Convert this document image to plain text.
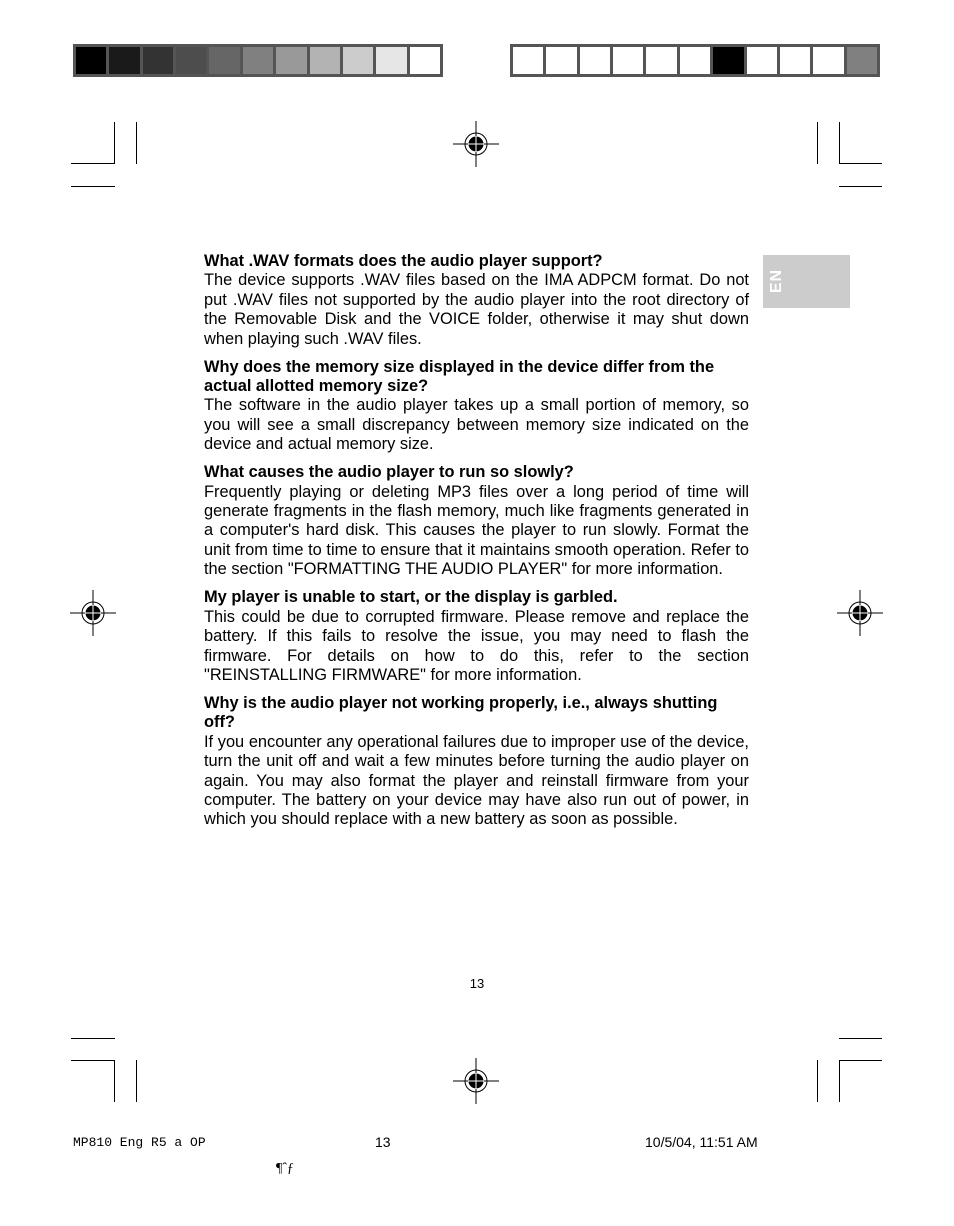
EN
What .WAV formats does the audio player support?

The device supports .WAV files based on the IMA ADPCM format. Do not put .WAV files not supported by the audio player into the root directory of the Removable Disk and the VOICE folder, otherwise it may shut down when playing such .WAV files.

Why does the memory size displayed in the device differ from the actual allotted memory size?

The software in the audio player takes up a small portion of memory, so you will see a small discrepancy between memory size indicated on the device and actual memory size.

What causes the audio player to run so slowly?

Frequently playing or deleting MP3 files over a long period of time will generate fragments in the flash memory, much like fragments generated in a computer's hard disk. This causes the player to run slowly. Format the unit from time to time to ensure that it maintains smooth operation. Refer to the section "FORMATTING THE AUDIO PLAYER" for more information.

My player is unable to start, or the display is garbled.

This could be due to corrupted firmware. Please remove and replace the battery. If this fails to resolve the issue, you may need to flash the firmware. For details on how to do this, refer to the section "REINSTALLING FIRMWARE" for more information.

Why is the audio player not working properly, i.e., always shutting off?

If you encounter any operational failures due to improper use of the device, turn the unit off and wait a few minutes before turning the audio player on again. You may also format the player and reinstall firmware from your computer. The battery on your device may have also run out of power, in which you should replace with a new battery as soon as possible.

13
MP810 Eng R5 a OP	13	10/5/04, 11:51 AM
¶ˆƒ
